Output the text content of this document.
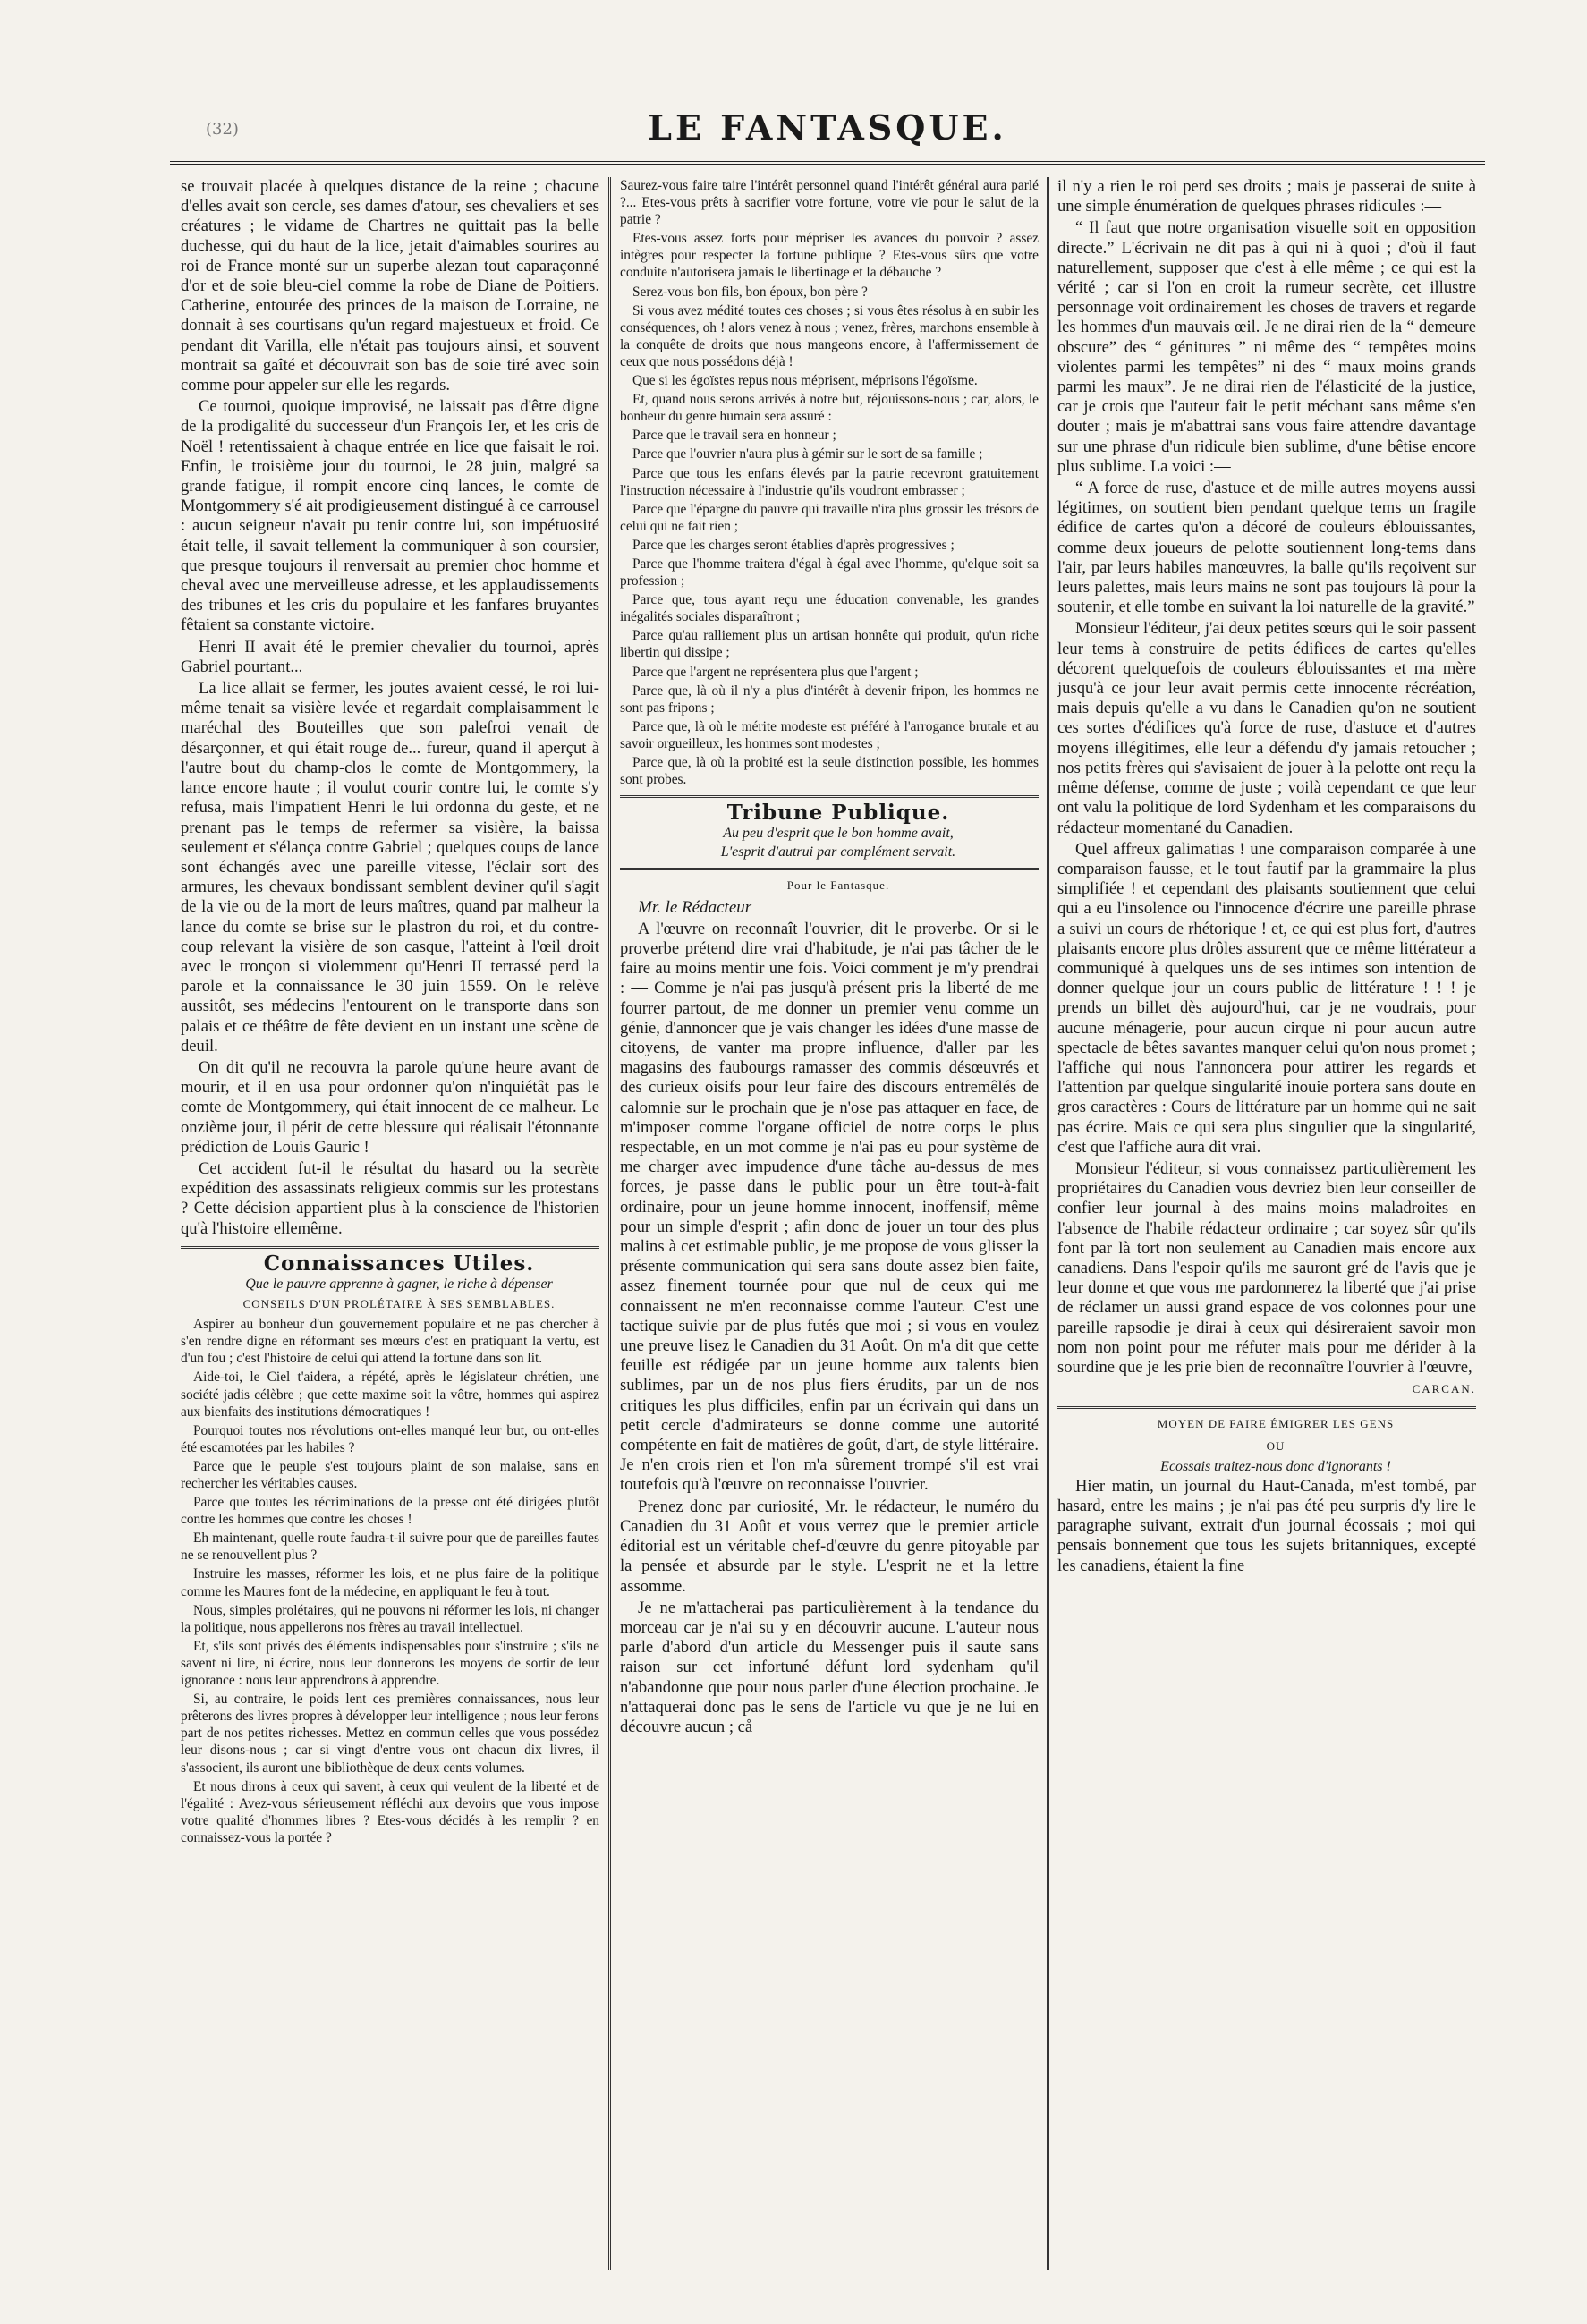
(32)	LE FANTASQUE.

se trouvait placée à quelques distance de la reine ; chacune d'elles avait son cercle, ses dames d'atour, ses chevaliers et ses créatures ; le vidame de Chartres ne quittait pas la belle duchesse, qui du haut de la lice, jetait d'aimables sourires au roi de France monté sur un superbe alezan tout caparaçonné d'or et de soie bleu-ciel comme la robe de Diane de Poitiers. Catherine, entourée des princes de la maison de Lorraine, ne donnait à ses courtisans qu'un regard majestueux et froid. Ce pendant dit Varilla, elle n'était pas toujours ainsi, et souvent montrait sa gaîté et découvrait son bas de soie tiré avec soin comme pour appeler sur elle les regards.

Ce tournoi, quoique improvisé, ne laissait pas d'être digne de la prodigalité du successeur d'un François Ier, et les cris de Noël ! retentissaient à chaque entrée en lice que faisait le roi. Enfin, le troisième jour du tournoi, le 28 juin, malgré sa grande fatigue, il rompit encore cinq lances, le comte de Montgommery s'é ait prodigieusement distingué à ce carrousel : aucun seigneur n'avait pu tenir contre lui, son impétuosité était telle, il savait tellement la communiquer à son coursier, que presque toujours il renversait au premier choc homme et cheval avec une merveilleuse adresse, et les applaudissements des tribunes et les cris du populaire et les fanfares bruyantes fêtaient sa constante victoire.

Henri II avait été le premier chevalier du tournoi, après Gabriel pourtant...

La lice allait se fermer, les joutes avaient cessé, le roi lui-même tenait sa visière levée et regardait complaisamment le maréchal des Bouteilles que son palefroi venait de désarçonner, et qui était rouge de... fureur, quand il aperçut à l'autre bout du champ-clos le comte de Montgommery, la lance encore haute ; il voulut courir contre lui, le comte s'y refusa, mais l'impatient Henri le lui ordonna du geste, et ne prenant pas le temps de refermer sa visière, la baissa seulement et s'élança contre Gabriel ; quelques coups de lance sont échangés avec une pareille vitesse, l'éclair sort des armures, les chevaux bondissant semblent deviner qu'il s'agit de la vie ou de la mort de leurs maîtres, quand par malheur la lance du comte se brise sur le plastron du roi, et du contre-coup relevant la visière de son casque, l'atteint à l'œil droit avec le tronçon si violemment qu'Henri II terrassé perd la parole et la connaissance le 30 juin 1559. On le relève aussitôt, ses médecins l'entourent on le transporte dans son palais et ce théâtre de fête devient en un instant une scène de deuil.

On dit qu'il ne recouvra la parole qu'une heure avant de mourir, et il en usa pour ordonner qu'on n'inquiétât pas le comte de Montgommery, qui était innocent de ce malheur. Le onzième jour, il périt de cette blessure qui réalisait l'étonnante prédiction de Louis Gauric !

Cet accident fut-il le résultat du hasard ou la secrète expédition des assassinats religieux commis sur les protestans ? Cette décision appartient plus à la conscience de l'historien qu'à l'histoire ellemême.

Connaissances Utiles.

Que le pauvre apprenne à gagner, le riche à dépenser

CONSEILS D'UN PROLÉTAIRE À SES SEMBLABLES.

Aspirer au bonheur d'un gouvernement populaire et ne pas chercher à s'en rendre digne en réformant ses mœurs c'est en pratiquant la vertu, est d'un fou ; c'est l'histoire de celui qui attend la fortune dans son lit.

Aide-toi, le Ciel t'aidera, a répété, après le législateur chrétien, une société jadis célèbre ; que cette maxime soit la vôtre, hommes qui aspirez aux bienfaits des institutions démocratiques !

Pourquoi toutes nos révolutions ont-elles manqué leur but, ou ont-elles été escamotées par les habiles ?

Parce que le peuple s'est toujours plaint de son malaise, sans en rechercher les véritables causes.

Parce que toutes les récriminations de la presse ont été dirigées plutôt contre les hommes que contre les choses !

Eh maintenant, quelle route faudra-t-il suivre pour que de pareilles fautes ne se renouvellent plus ?

Instruire les masses, réformer les lois, et ne plus faire de la politique comme les Maures font de la médecine, en appliquant le feu à tout.

Nous, simples prolétaires, qui ne pouvons ni réformer les lois, ni changer la politique, nous appellerons nos frères au travail intellectuel.

Et, s'ils sont privés des éléments indispensables pour s'instruire ; s'ils ne savent ni lire, ni écrire, nous leur donnerons les moyens de sortir de leur ignorance : nous leur apprendrons à apprendre.

Si, au contraire, le poids lent ces premières connaissances, nous leur prêterons des livres propres à développer leur intelligence ; nous leur ferons part de nos petites richesses. Mettez en commun celles que vous possédez leur disons-nous ; car si vingt d'entre vous ont chacun dix livres, il s'associent, ils auront une bibliothèque de deux cents volumes.

Et nous dirons à ceux qui savent, à ceux qui veulent de la liberté et de l'égalité : Avez-vous sérieusement réfléchi aux devoirs que vous impose votre qualité d'hommes libres ? Etes-vous décidés à les remplir ? en connaissez-vous la portée ?

Saurez-vous faire taire l'intérêt personnel quand l'intérêt général aura parlé ?... Etes-vous prêts à sacrifier votre fortune, votre vie pour le salut de la patrie ?

Etes-vous assez forts pour mépriser les avances du pouvoir ? assez intègres pour respecter la fortune publique ? Etes-vous sûrs que votre conduite n'autorisera jamais le libertinage et la débauche ?

Serez-vous bon fils, bon époux, bon père ?

Si vous avez médité toutes ces choses ; si vous êtes résolus à en subir les conséquences, oh ! alors venez à nous ; venez, frères, marchons ensemble à la conquête de droits que nous mangeons encore, à l'affermissement de ceux que nous possédons déjà !

Que si les égoïstes repus nous méprisent, méprisons l'égoïsme.

Et, quand nous serons arrivés à notre but, réjouissons-nous ; car, alors, le bonheur du genre humain sera assuré :

Parce que le travail sera en honneur ;

Parce que l'ouvrier n'aura plus à gémir sur le sort de sa famille ;

Parce que tous les enfans élevés par la patrie recevront gratuitement l'instruction nécessaire à l'industrie qu'ils voudront embrasser ;

Parce que l'épargne du pauvre qui travaille n'ira plus grossir les trésors de celui qui ne fait rien ;

Parce que les charges seront établies d'après progressives ;

Parce que l'homme traitera d'égal à égal avec l'homme, qu'elque soit sa profession ;

Parce que, tous ayant reçu une éducation convenable, les grandes inégalités sociales disparaîtront ;

Parce qu'au ralliement plus un artisan honnête qui produit, qu'un riche libertin qui dissipe ;

Parce que l'argent ne représentera plus que l'argent ;

Parce que, là où il n'y a plus d'intérêt à devenir fripon, les hommes ne sont pas fripons ;

Parce que, là où le mérite modeste est préféré à l'arrogance brutale et au savoir orgueilleux, les hommes sont modestes ;

Parce que, là où la probité est la seule distinction possible, les hommes sont probes.

Tribune Publique.

Au peu d'esprit que le bon homme avait,

L'esprit d'autrui par complément servait.

Pour le Fantasque.

Mr. le Rédacteur

A l'œuvre on reconnaît l'ouvrier, dit le proverbe. Or si le proverbe prétend dire vrai d'habitude, je n'ai pas tâcher de le faire au moins mentir une fois. Voici comment je m'y prendrai : — Comme je n'ai pas jusqu'à présent pris la liberté de me fourrer partout, de me donner un premier venu comme un génie, d'annoncer que je vais changer les idées d'une masse de citoyens, de vanter ma propre influence, d'aller par les magasins des faubourgs ramasser des commis désœuvrés et des curieux oisifs pour leur faire des discours entremêlés de calomnie sur le prochain que je n'ose pas attaquer en face, de m'imposer comme l'organe officiel de notre corps le plus respectable, en un mot comme je n'ai pas eu pour système de me charger avec impudence d'une tâche au-dessus de mes forces, je passe dans le public pour un être tout-à-fait ordinaire, pour un jeune homme innocent, inoffensif, même pour un simple d'esprit ; afin donc de jouer un tour des plus malins à cet estimable public, je me propose de vous glisser la présente communication qui sera sans doute assez bien faite, assez finement tournée pour que nul de ceux qui me connaissent ne m'en reconnaisse comme l'auteur. C'est une tactique suivie par de plus futés que moi ; si vous en voulez une preuve lisez le Canadien du 31 Août. On m'a dit que cette feuille est rédigée par un jeune homme aux talents bien sublimes, par un de nos plus fiers érudits, par un de nos critiques les plus difficiles, enfin par un écrivain qui dans un petit cercle d'admirateurs se donne comme une autorité compétente en fait de matières de goût, d'art, de style littéraire. Je n'en crois rien et l'on m'a sûrement trompé s'il est vrai toutefois qu'à l'œuvre on reconnaisse l'ouvrier.

Prenez donc par curiosité, Mr. le rédacteur, le numéro du Canadien du 31 Août et vous verrez que le premier article éditorial est un véritable chef-d'œuvre du genre pitoyable par la pensée et absurde par le style. L'esprit ne et la lettre assomme.

Je ne m'attacherai pas particulièrement à la tendance du morceau car je n'ai su y en découvrir aucune. L'auteur nous parle d'abord d'un article du Messenger puis il saute sans raison sur cet infortuné défunt lord sydenham qu'il n'abandonne que pour nous parler d'une élection prochaine. Je n'attaquerai donc pas le sens de l'article vu que je ne lui en découvre aucun ; cå

il n'y a rien le roi perd ses droits ; mais je passerai de suite à une simple énumération de quelques phrases ridicules :—

“ Il faut que notre organisation visuelle soit en opposition directe.” L'écrivain ne dit pas à qui ni à quoi ; d'où il faut naturellement, supposer que c'est à elle même ; ce qui est la vérité ; car si l'on en croit la rumeur secrète, cet illustre personnage voit ordinairement les choses de travers et regarde les hommes d'un mauvais œil. Je ne dirai rien de la “ demeure obscure” des “ génitures ” ni même des “ tempêtes moins violentes parmi les tempêtes” ni des “ maux moins grands parmi les maux”. Je ne dirai rien de l'élasticité de la justice, car je crois que l'auteur fait le petit méchant sans même s'en douter ; mais je m'abattrai sans vous faire attendre davantage sur une phrase d'un ridicule bien sublime, d'une bêtise encore plus sublime. La voici :—

“ A force de ruse, d'astuce et de mille autres moyens aussi légitimes, on soutient bien pendant quelque tems un fragile édifice de cartes qu'on a décoré de couleurs éblouissantes, comme deux joueurs de pelotte soutiennent long-tems dans l'air, par leurs habiles manœuvres, la balle qu'ils reçoivent sur leurs palettes, mais leurs mains ne sont pas toujours là pour la soutenir, et elle tombe en suivant la loi naturelle de la gravité.”

Monsieur l'éditeur, j'ai deux petites sœurs qui le soir passent leur tems à construire de petits édifices de cartes qu'elles décorent quelquefois de couleurs éblouissantes et ma mère jusqu'à ce jour leur avait permis cette innocente récréation, mais depuis qu'elle a vu dans le Canadien qu'on ne soutient ces sortes d'édifices qu'à force de ruse, d'astuce et d'autres moyens illégitimes, elle leur a défendu d'y jamais retoucher ; nos petits frères qui s'avisaient de jouer à la pelotte ont reçu la même défense, comme de juste ; voilà cependant ce que leur ont valu la politique de lord Sydenham et les comparaisons du rédacteur momentané du Canadien.

Quel affreux galimatias ! une comparaison comparée à une comparaison fausse, et le tout fautif par la grammaire la plus simplifiée ! et cependant des plaisants soutiennent que celui qui a eu l'insolence ou l'innocence d'écrire une pareille phrase a suivi un cours de rhétorique ! et, ce qui est plus fort, d'autres plaisants encore plus drôles assurent que ce même littérateur a communiqué à quelques uns de ses intimes son intention de donner quelque jour un cours public de littérature ! ! ! je prends un billet dès aujourd'hui, car je ne voudrais, pour aucune ménagerie, pour aucun cirque ni pour aucun autre spectacle de bêtes savantes manquer celui qu'on nous promet ; l'affiche qui nous l'annoncera pour attirer les regards et l'attention par quelque singularité inouie portera sans doute en gros caractères : Cours de littérature par un homme qui ne sait pas écrire. Mais ce qui sera plus singulier que la singularité, c'est que l'affiche aura dit vrai.

Monsieur l'éditeur, si vous connaissez particulièrement les propriétaires du Canadien vous devriez bien leur conseiller de confier leur journal à des mains moins maladroites en l'absence de l'habile rédacteur ordinaire ; car soyez sûr qu'ils font par là tort non seulement au Canadien mais encore aux canadiens. Dans l'espoir qu'ils me sauront gré de l'avis que je leur donne et que vous me pardonnerez la liberté que j'ai prise de réclamer un aussi grand espace de vos colonnes pour une pareille rapsodie je dirai à ceux qui désireraient savoir mon nom non point pour me réfuter mais pour me dérider à la sourdine que je les prie bien de reconnaître l'ouvrier à l'œuvre,

CARCAN.

MOYEN DE FAIRE ÉMIGRER LES GENS

OU

Ecossais traitez-nous donc d'ignorants !

Hier matin, un journal du Haut-Canada, m'est tombé, par hasard, entre les mains ; je n'ai pas été peu surpris d'y lire le paragraphe suivant, extrait d'un journal écossais ; moi qui pensais bonnement que tous les sujets britanniques, excepté les canadiens, étaient la fine
